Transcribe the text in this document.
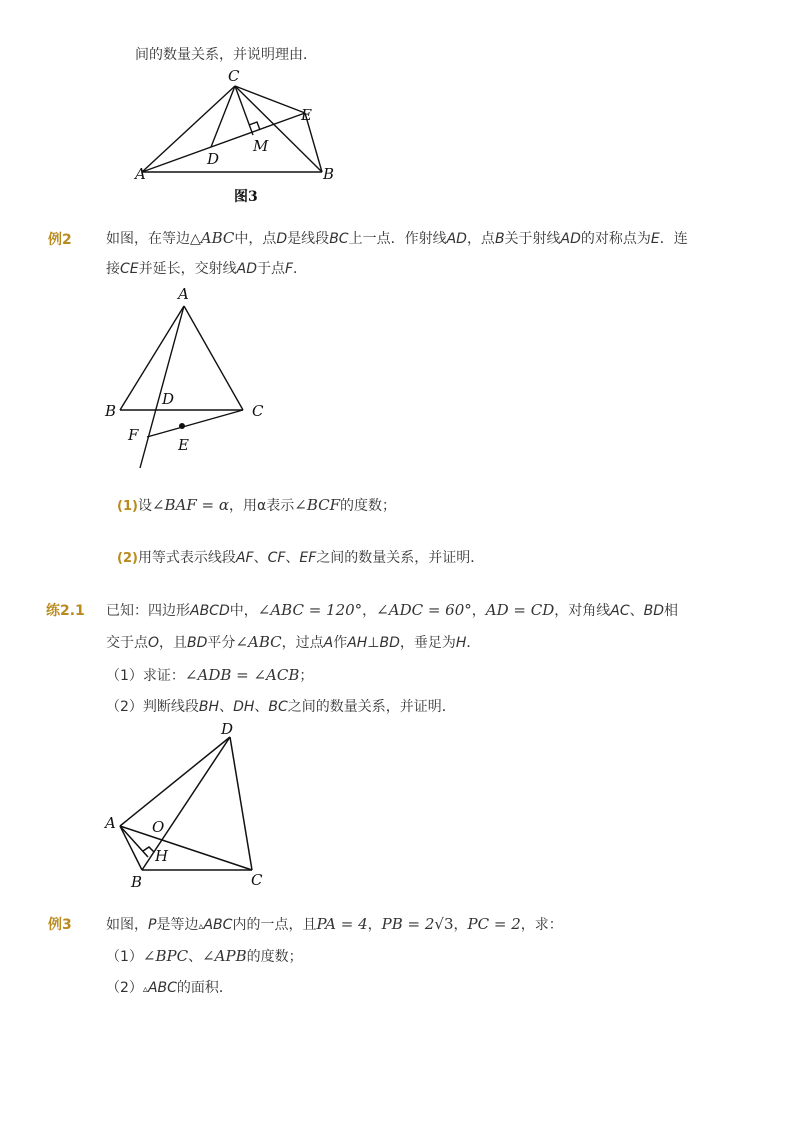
间的数量关系，并说明理由．
C
E
D
M
A	B
图3
例2 如图，在等边△ABC中，点D是线段BC上一点．作射线AD，点B关于射线AD的对称点为E．连
接CE并延长，交射线AD于点F．
A
B	C
D
F
E
(1)设∠BAF = α，用α表示∠BCF的度数；
(2)用等式表示线段AF、CF、EF之间的数量关系，并证明．
练2.1 已知：四边形ABCD中，∠ABC = 120°，∠ADC = 60°，AD = CD，对角线AC、BD相
交于点O，且BD平分∠ABC，过点A作AH⊥BD，垂足为H．
（1）求证：∠ADB = ∠ACB；
（2）判断线段BH、DH、BC之间的数量关系，并证明．
D
A O
H
B	C
例3 如图，P是等边▵ABC内的一点，且PA = 4，PB = 2√3，PC = 2，求：
（1）∠BPC、∠APB的度数；
（2）▵ABC的面积．
